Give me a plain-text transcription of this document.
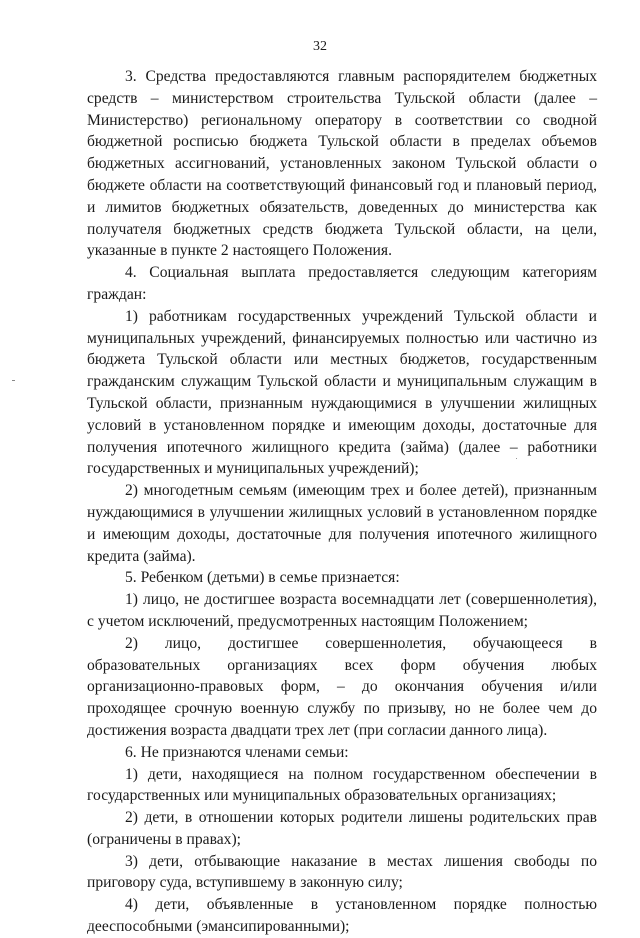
32

3. Средства предоставляются главным распорядителем бюджетных средств – министерством строительства Тульской области (далее – Министерство) региональному оператору в соответствии со сводной бюджетной росписью бюджета Тульской области в пределах объемов бюджетных ассигнований, установленных законом Тульской области о бюджете области на соответствующий финансовый год и плановый период, и лимитов бюджетных обязательств, доведенных до министерства как получателя бюджетных средств бюджета Тульской области, на цели, указанные в пункте 2 настоящего Положения.

4. Социальная выплата предоставляется следующим категориям граждан:

1) работникам государственных учреждений Тульской области и муниципальных учреждений, финансируемых полностью или частично из бюджета Тульской области или местных бюджетов, государственным гражданским служащим Тульской области и муниципальным служащим в Тульской области, признанным нуждающимися в улучшении жилищных условий в установленном порядке и имеющим доходы, достаточные для получения ипотечного жилищного кредита (займа) (далее – работники государственных и муниципальных учреждений);

2) многодетным семьям (имеющим трех и более детей), признанным нуждающимися в улучшении жилищных условий в установленном порядке и имеющим доходы, достаточные для получения ипотечного жилищного кредита (займа).

5. Ребенком (детьми) в семье признается:

1) лицо, не достигшее возраста восемнадцати лет (совершеннолетия), с учетом исключений, предусмотренных настоящим Положением;

2) лицо, достигшее совершеннолетия, обучающееся в образовательных организациях всех форм обучения любых организационно-правовых форм, – до окончания обучения и/или проходящее срочную военную службу по призыву, но не более чем до достижения возраста двадцати трех лет (при согласии данного лица).

6. Не признаются членами семьи:

1) дети, находящиеся на полном государственном обеспечении в государственных или муниципальных образовательных организациях;

2) дети, в отношении которых родители лишены родительских прав (ограничены в правах);

3) дети, отбывающие наказание в местах лишения свободы по приговору суда, вступившему в законную силу;

4) дети, объявленные в установленном порядке полностью дееспособными (эмансипированными);
